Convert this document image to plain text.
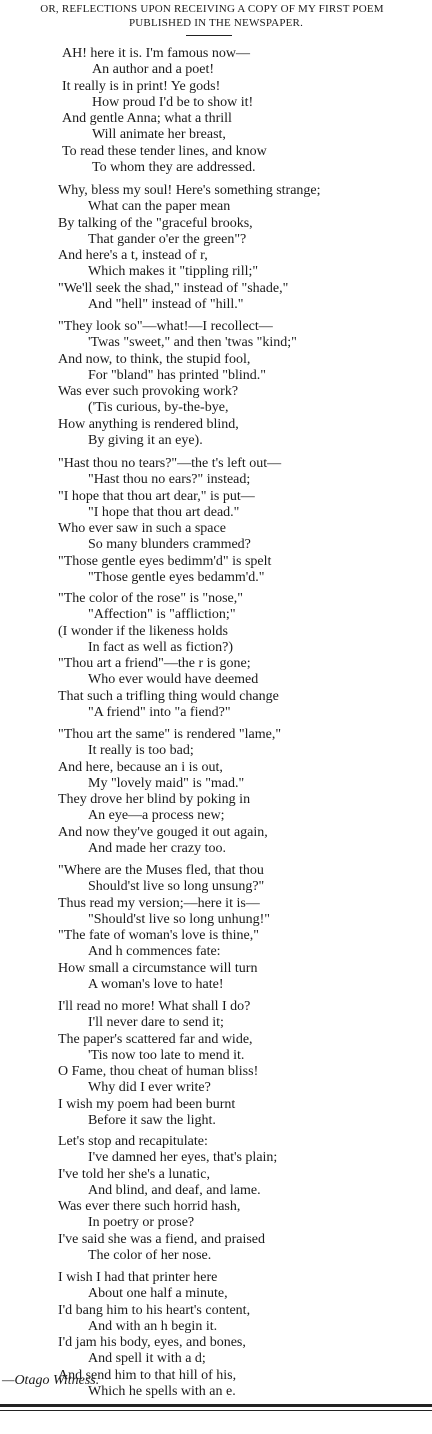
OR, REFLECTIONS UPON RECEIVING A COPY OF MY FIRST POEM
PUBLISHED IN THE NEWSPAPER.
AH! here it is. I'm famous now—
An author and a poet!
It really is in print! Ye gods!
How proud I'd be to show it!
And gentle Anna; what a thrill
Will animate her breast,
To read these tender lines, and know
To whom they are addressed.
Why, bless my soul! Here's something strange;
What can the paper mean
By talking of the "graceful brooks,
That gander o'er the green"?
And here's a t, instead of r,
Which makes it "tippling rill;"
"We'll seek the shad," instead of "shade,"
And "hell" instead of "hill."
"They look so"—what!—I recollect—
'Twas "sweet," and then 'twas "kind;"
And now, to think, the stupid fool,
For "bland" has printed "blind."
Was ever such provoking work?
('Tis curious, by-the-bye,
How anything is rendered blind,
By giving it an eye).
"Hast thou no tears?"—the t's left out—
"Hast thou no ears?" instead;
"I hope that thou art dear," is put—
"I hope that thou art dead."
Who ever saw in such a space
So many blunders crammed?
"Those gentle eyes bedimm'd" is spelt
"Those gentle eyes bedamm'd."
"The color of the rose" is "nose,"
"Affection" is "affliction;"
(I wonder if the likeness holds
In fact as well as fiction?)
"Thou art a friend"—the r is gone;
Who ever would have deemed
That such a trifling thing would change
"A friend" into "a fiend?"
"Thou art the same" is rendered "lame,"
It really is too bad;
And here, because an i is out,
My "lovely maid" is "mad."
They drove her blind by poking in
An eye—a process new;
And now they've gouged it out again,
And made her crazy too.
"Where are the Muses fled, that thou
Should'st live so long unsung?"
Thus read my version;—here it is—
"Should'st live so long unhung!"
"The fate of woman's love is thine,"
And h commences fate:
How small a circumstance will turn
A woman's love to hate!
I'll read no more! What shall I do?
I'll never dare to send it;
The paper's scattered far and wide,
'Tis now too late to mend it.
O Fame, thou cheat of human bliss!
Why did I ever write?
I wish my poem had been burnt
Before it saw the light.
Let's stop and recapitulate:
I've damned her eyes, that's plain;
I've told her she's a lunatic,
And blind, and deaf, and lame.
Was ever there such horrid hash,
In poetry or prose?
I've said she was a fiend, and praised
The color of her nose.
I wish I had that printer here
About one half a minute,
I'd bang him to his heart's content,
And with an h begin it.
I'd jam his body, eyes, and bones,
And spell it with a d;
And send him to that hill of his,
Which he spells with an e.
—Otago Witness.
